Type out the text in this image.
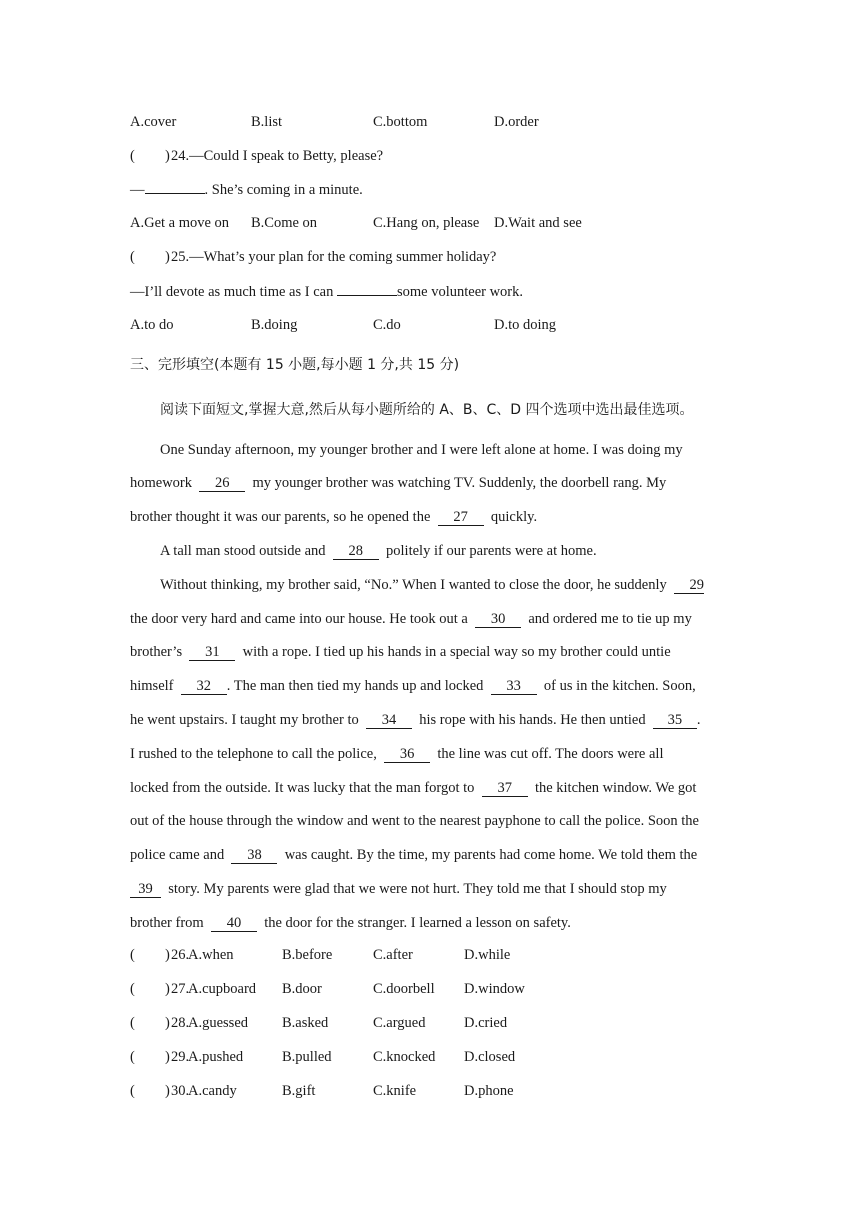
A.cover	B.list	C.bottom	D.order
( ) 24.—Could I speak to Betty, please?
—	. She’s coming in a minute.
A.Get a move on B.Come on	C.Hang on, please D.Wait and see
( ) 25.—What’s your plan for the coming summer holiday?
—I’ll devote as much time as I can	some volunteer work.
A.to do	B.doing	C.do	D.to doing
三、完形填空(本题有 15 小题,每小题 1 分,共 15 分)
阅读下面短文,掌握大意,然后从每小题所给的 A、B、C、D 四个选项中选出最佳选项。
One Sunday afternoon, my younger brother and I were left alone at home. I was doing my
homework 26 my younger brother was watching TV. Suddenly, the doorbell rang. My
brother thought it was our parents, so he opened the 27 quickly.
A tall man stood outside and 28 politely if our parents were at home.
Without thinking, my brother said, “No.” When I wanted to close the door, he suddenly 29
the door very hard and came into our house. He took out a 30 and ordered me to tie up my
brother’s 31 with a rope. I tied up his hands in a special way so my brother could untie
himself 32 . The man then tied my hands up and locked 33 of us in the kitchen. Soon,
he went upstairs. I taught my brother to 34 his rope with his hands. He then untied 35 .
I rushed to the telephone to call the police, 36 the line was cut off. The doors were all
locked from the outside. It was lucky that the man forgot to 37 the kitchen window. We got
out of the house through the window and went to the nearest payphone to call the police. Soon the
police came and 38 was caught. By the time, my parents had come home. We told them the
39 story. My parents were glad that we were not hurt. They told me that I should stop my
brother from 40 the door for the stranger. I learned a lesson on safety.
( ) 26.
A.when	B.before	C.after	D.while
( ) 27.
A.cupboard B.door	C.doorbell D.window
( ) 28.
A.guessed B.asked	C.argued	D.cried
( ) 29.
A.pushed	B.pulled	C.knocked D.closed
( ) 30.
A.candy	B.gift	C.knife	D.phone
